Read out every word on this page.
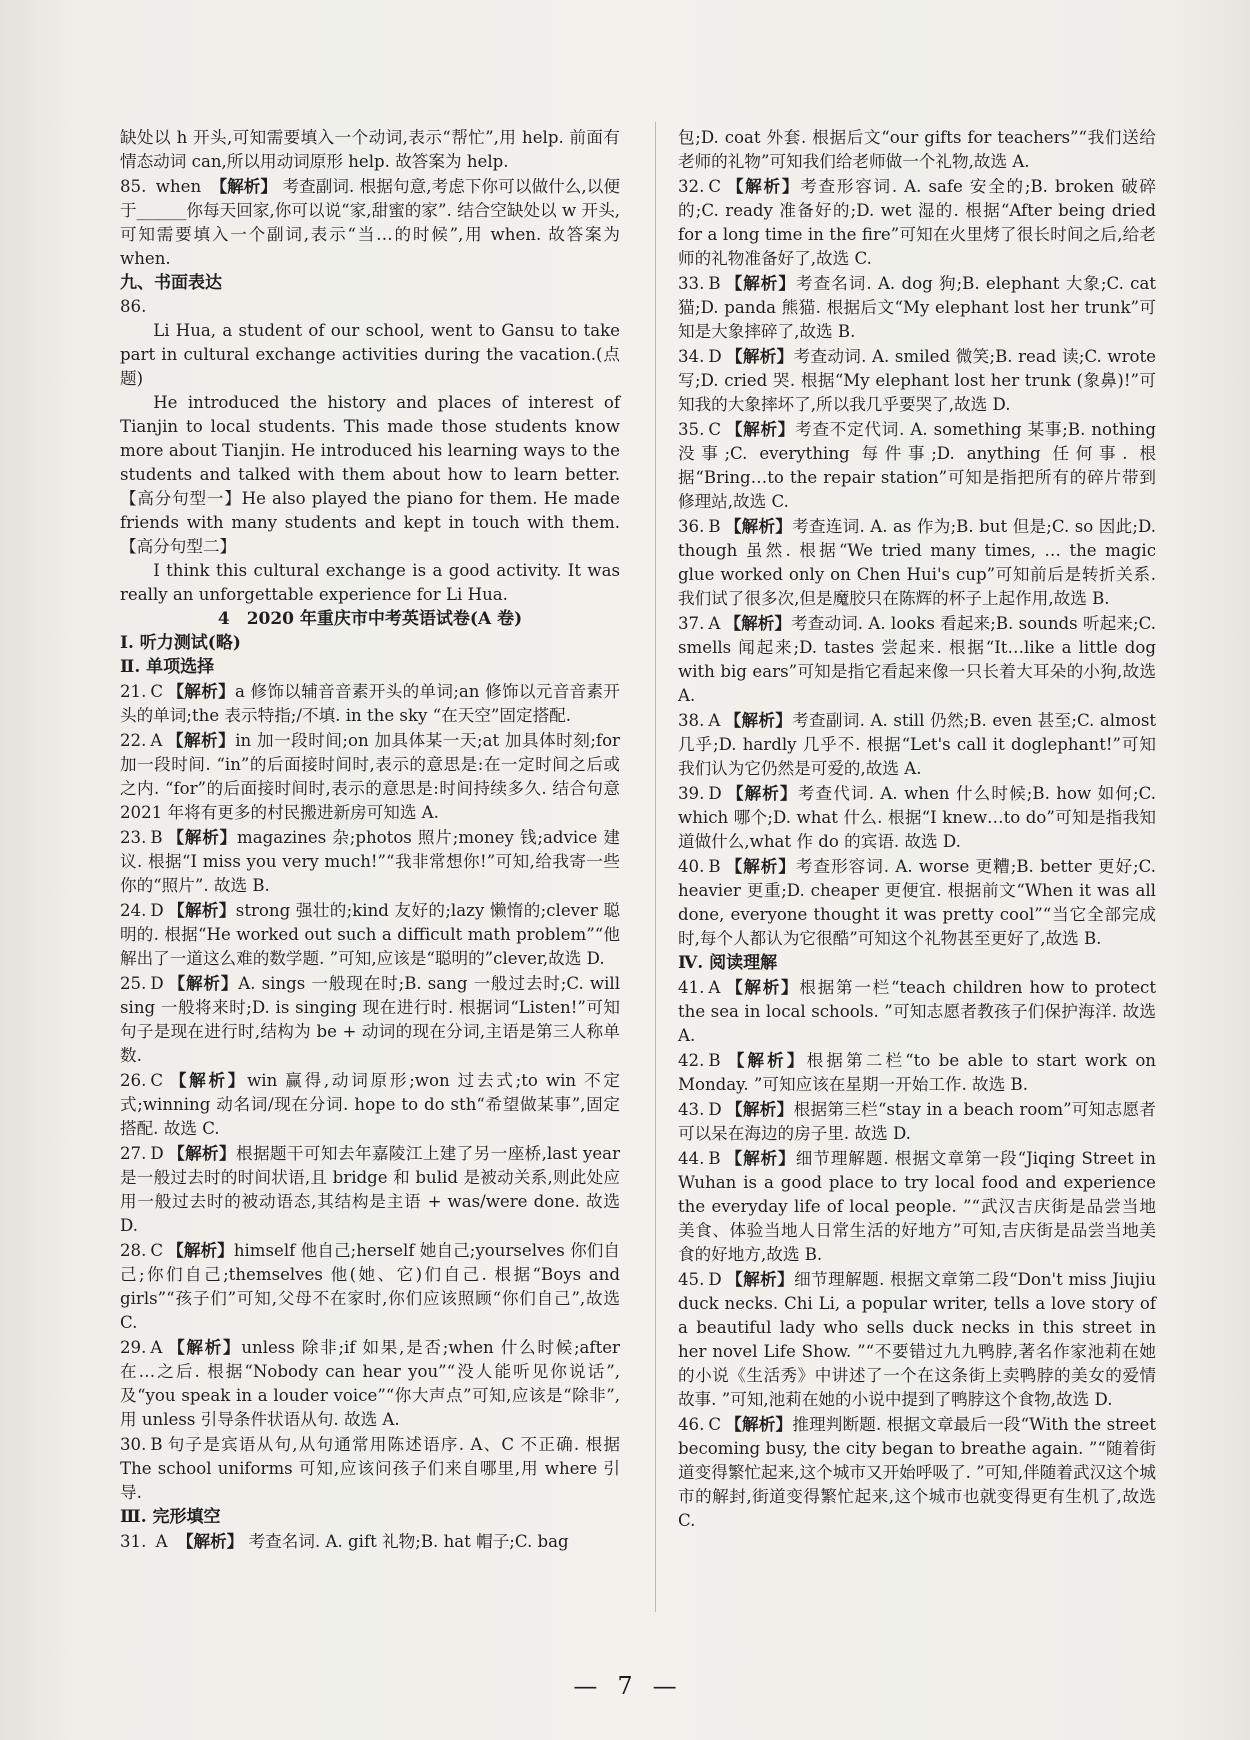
缺处以 h 开头,可知需要填入一个动词,表示“帮忙”,用 help. 前面有情态动词 can,所以用动词原形 help. 故答案为 help.

85. when 【解析】 考查副词. 根据句意,考虑下你可以做什么,以便于______你每天回家,你可以说“家,甜蜜的家”. 结合空缺处以 w 开头,可知需要填入一个副词,表示“当…的时候”,用 when. 故答案为 when.

九、书面表达

86.

Li Hua, a student of our school, went to Gansu to take part in cultural exchange activities during the vacation.(点题)

He introduced the history and places of interest of Tianjin to local students. This made those students know more about Tianjin. He introduced his learning ways to the students and talked with them about how to learn better.【高分句型一】He also played the piano for them. He made friends with many students and kept in touch with them.【高分句型二】

I think this cultural exchange is a good activity. It was really an unforgettable experience for Li Hua.

4　2020 年重庆市中考英语试卷(A 卷)

Ⅰ. 听力测试(略)

Ⅱ. 单项选择

21. C 【解析】a 修饰以辅音音素开头的单词;an 修饰以元音音素开头的单词;the 表示特指;/不填. in the sky “在天空”固定搭配.

22. A 【解析】in 加一段时间;on 加具体某一天;at 加具体时刻;for 加一段时间. “in”的后面接时间时,表示的意思是:在一定时间之后或之内. “for”的后面接时间时,表示的意思是:时间持续多久. 结合句意 2021 年将有更多的村民搬进新房可知选 A.

23. B 【解析】magazines 杂;photos 照片;money 钱;advice 建议. 根据“I miss you very much!”“我非常想你!”可知,给我寄一些你的“照片”. 故选 B.

24. D 【解析】strong 强壮的;kind 友好的;lazy 懒惰的;clever 聪明的. 根据“He worked out such a difficult math problem”“他解出了一道这么难的数学题. ”可知,应该是“聪明的”clever,故选 D.

25. D 【解析】A. sings 一般现在时;B. sang 一般过去时;C. will sing 一般将来时;D. is singing 现在进行时. 根据词“Listen!”可知句子是现在进行时,结构为 be + 动词的现在分词,主语是第三人称单数.

26. C 【解析】win 赢得,动词原形;won 过去式;to win 不定式;winning 动名词/现在分词. hope to do sth“希望做某事”,固定搭配. 故选 C.

27. D 【解析】根据题干可知去年嘉陵江上建了另一座桥,last year 是一般过去时的时间状语,且 bridge 和 bulid 是被动关系,则此处应用一般过去时的被动语态,其结构是主语 + was/were done. 故选 D.

28. C 【解析】himself 他自己;herself 她自己;yourselves 你们自己;你们自己;themselves 他(她、它)们自己. 根据“Boys and girls”“孩子们”可知,父母不在家时,你们应该照顾“你们自己”,故选 C.

29. A 【解析】unless 除非;if 如果,是否;when 什么时候;after 在…之后. 根据“Nobody can hear you”“没人能听见你说话”,及“you speak in a louder voice”“你大声点”可知,应该是“除非”,用 unless 引导条件状语从句. 故选 A.

30. B 句子是宾语从句,从句通常用陈述语序. A、C 不正确. 根据 The school uniforms 可知,应该问孩子们来自哪里,用 where 引导.

Ⅲ. 完形填空

31. A 【解析】 考查名词. A. gift 礼物;B. hat 帽子;C. bag

包;D. coat 外套. 根据后文“our gifts for teachers”“我们送给老师的礼物”可知我们给老师做一个礼物,故选 A.

32. C 【解析】考查形容词. A. safe 安全的;B. broken 破碎的;C. ready 准备好的;D. wet 湿的. 根据“After being dried for a long time in the fire”可知在火里烤了很长时间之后,给老师的礼物准备好了,故选 C.

33. B 【解析】考查名词. A. dog 狗;B. elephant 大象;C. cat 猫;D. panda 熊猫. 根据后文“My elephant lost her trunk”可知是大象摔碎了,故选 B.

34. D 【解析】考查动词. A. smiled 微笑;B. read 读;C. wrote 写;D. cried 哭. 根据“My elephant lost her trunk (象鼻)!”可知我的大象摔坏了,所以我几乎要哭了,故选 D.

35. C 【解析】考查不定代词. A. something 某事;B. nothing 没事;C. everything 每件事;D. anything 任何事. 根据“Bring…to the repair station”可知是指把所有的碎片带到修理站,故选 C.

36. B 【解析】考查连词. A. as 作为;B. but 但是;C. so 因此;D. though 虽然. 根据“We tried many times, … the magic glue worked only on Chen Hui's cup”可知前后是转折关系. 我们试了很多次,但是魔胶只在陈辉的杯子上起作用,故选 B.

37. A 【解析】考查动词. A. looks 看起来;B. sounds 听起来;C. smells 闻起来;D. tastes 尝起来. 根据“It…like a little dog with big ears”可知是指它看起来像一只长着大耳朵的小狗,故选 A.

38. A 【解析】考查副词. A. still 仍然;B. even 甚至;C. almost 几乎;D. hardly 几乎不. 根据“Let's call it doglephant!”可知我们认为它仍然是可爱的,故选 A.

39. D 【解析】考查代词. A. when 什么时候;B. how 如何;C. which 哪个;D. what 什么. 根据“I knew…to do”可知是指我知道做什么,what 作 do 的宾语. 故选 D.

40. B 【解析】考查形容词. A. worse 更糟;B. better 更好;C. heavier 更重;D. cheaper 更便宜. 根据前文“When it was all done, everyone thought it was pretty cool”“当它全部完成时,每个人都认为它很酷”可知这个礼物甚至更好了,故选 B.

Ⅳ. 阅读理解

41. A 【解析】根据第一栏“teach children how to protect the sea in local schools. ”可知志愿者教孩子们保护海洋. 故选 A.

42. B 【解析】根据第二栏“to be able to start work on Monday. ”可知应该在星期一开始工作. 故选 B.

43. D 【解析】根据第三栏“stay in a beach room”可知志愿者可以呆在海边的房子里. 故选 D.

44. B 【解析】细节理解题. 根据文章第一段“Jiqing Street in Wuhan is a good place to try local food and experience the everyday life of local people. ”“武汉吉庆街是品尝当地美食、体验当地人日常生活的好地方”可知,吉庆街是品尝当地美食的好地方,故选 B.

45. D 【解析】细节理解题. 根据文章第二段“Don't miss Jiujiu duck necks. Chi Li, a popular writer, tells a love story of a beautiful lady who sells duck necks in this street in her novel Life Show. ”“不要错过九九鸭脖,著名作家池莉在她的小说《生活秀》中讲述了一个在这条街上卖鸭脖的美女的爱情故事. ”可知,池莉在她的小说中提到了鸭脖这个食物,故选 D.

46. C 【解析】推理判断题. 根据文章最后一段“With the street becoming busy, the city began to breathe again. ”“随着街道变得繁忙起来,这个城市又开始呼吸了. ”可知,伴随着武汉这个城市的解封,街道变得繁忙起来,这个城市也就变得更有生机了,故选 C.

— 7 —
